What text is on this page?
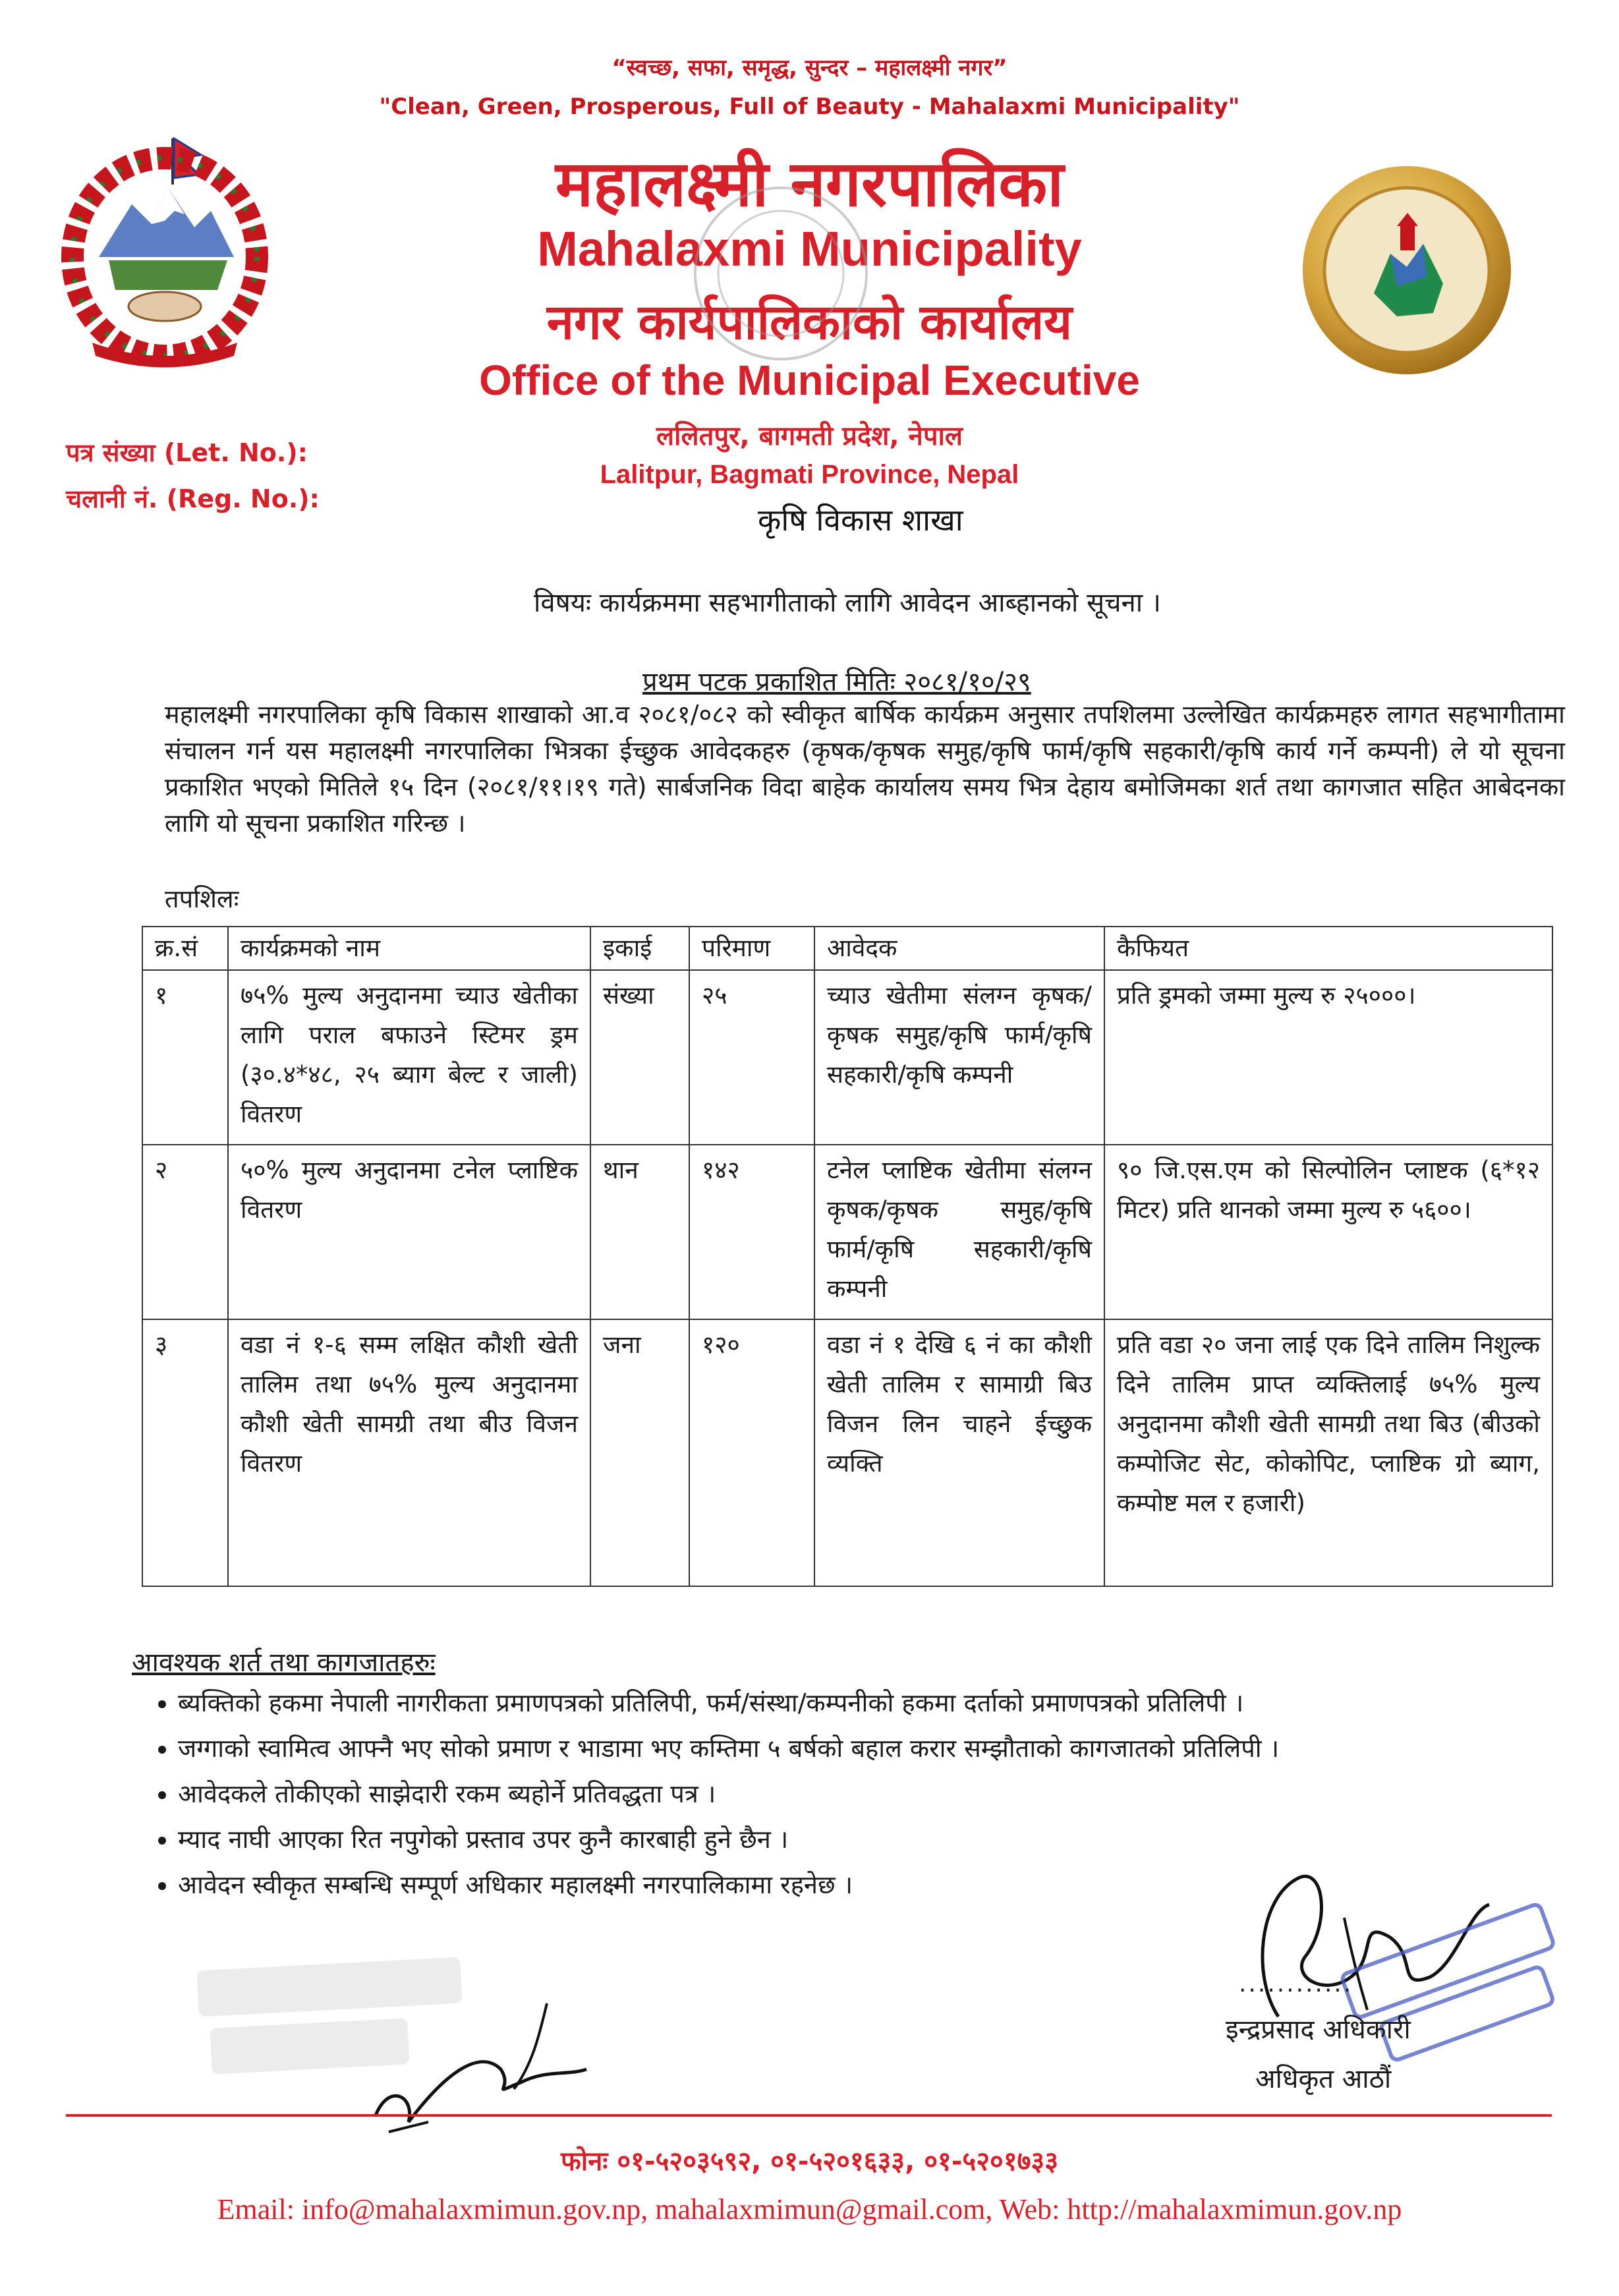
“स्वच्छ, सफा, समृद्ध, सुन्दर – महालक्ष्मी नगर”
"Clean, Green, Prosperous, Full of Beauty - Mahalaxmi Municipality"
महालक्ष्मी नगरपालिका
Mahalaxmi Municipality
नगर कार्यपालिकाको कार्यालय
Office of the Municipal Executive
ललितपुर, बागमती प्रदेश, नेपाल
Lalitpur, Bagmati Province, Nepal
कृषि विकास शाखा
पत्र संख्या (Let. No.):
चलानी नं. (Reg. No.):
विषयः कार्यक्रममा सहभागीताको लागि आवेदन आब्हानको सूचना ।
प्रथम पटक प्रकाशित मितिः २०८१/१०/२९
महालक्ष्मी नगरपालिका कृषि विकास शाखाको आ.व २०८१/०८२ को स्वीकृत बार्षिक कार्यक्रम अनुसार तपशिलमा उल्लेखित कार्यक्रमहरु लागत सहभागीतामा संचालन गर्न यस महालक्ष्मी नगरपालिका भित्रका ईच्छुक आवेदकहरु (कृषक/कृषक समुह/कृषि फार्म/कृषि सहकारी/कृषि कार्य गर्ने कम्पनी) ले यो सूचना प्रकाशित भएको मितिले १५ दिन (२०८१/११।१९ गते) सार्बजनिक विदा बाहेक कार्यालय समय भित्र देहाय बमोजिमका शर्त तथा कागजात सहित आबेदनका लागि यो सूचना प्रकाशित गरिन्छ ।
तपशिलः
क्र.सं	कार्यक्रमको नाम	इकाई	परिमाण	आवेदक	कैफियत
१	७५% मुल्य अनुदानमा च्याउ खेतीका लागि पराल बफाउने स्टिमर ड्रम (३०.४*४८, २५ ब्याग बेल्ट र जाली) वितरण	संख्या	२५	च्याउ खेतीमा संलग्न कृषक/कृषक समुह/कृषि फार्म/कृषि सहकारी/कृषि कम्पनी	प्रति ड्रमको जम्मा मुल्य रु २५०००।
२	५०% मुल्य अनुदानमा टनेल प्लाष्टिक वितरण	थान	१४२	टनेल प्लाष्टिक खेतीमा संलग्न कृषक/कृषक समुह/कृषि फार्म/कृषि सहकारी/कृषि कम्पनी	९० जि.एस.एम को सिल्पोलिन प्लाष्टक (६*१२ मिटर) प्रति थानको जम्मा मुल्य रु ५६००।
३	वडा नं १-६ सम्म लक्षित कौशी खेती तालिम तथा ७५% मुल्य अनुदानमा कौशी खेती सामग्री तथा बीउ विजन वितरण	जना	१२०	वडा नं १ देखि ६ नं का कौशी खेती तालिम र सामाग्री बिउ विजन लिन चाहने ईच्छुक व्यक्ति	प्रति वडा २० जना लाई एक दिने तालिम निशुल्क दिने तालिम प्राप्त व्यक्तिलाई ७५% मुल्य अनुदानमा कौशी खेती सामग्री तथा बिउ (बीउको कम्पोजिट सेट, कोकोपिट, प्लाष्टिक ग्रो ब्याग, कम्पोष्ट मल र हजारी)
आवश्यक शर्त तथा कागजातहरुः
• ब्यक्तिको हकमा नेपाली नागरीकता प्रमाणपत्रको प्रतिलिपी, फर्म/संस्था/कम्पनीको हकमा दर्ताको प्रमाणपत्रको प्रतिलिपी ।
• जग्गाको स्वामित्व आफ्नै भए सोको प्रमाण र भाडामा भए कम्तिमा ५ बर्षको बहाल करार सम्झौताको कागजातको प्रतिलिपी ।
• आवेदकले तोकीएको साझेदारी रकम ब्यहोर्ने प्रतिवद्धता पत्र ।
• म्याद नाघी आएका रित नपुगेको प्रस्ताव उपर कुनै कारबाही हुने छैन ।
• आवेदन स्वीकृत सम्बन्धि सम्पूर्ण अधिकार महालक्ष्मी नगरपालिकामा रहनेछ ।
............
इन्द्रप्रसाद अधिकारी
अधिकृत आठौं
फोनः ०१-५२०३५९२, ०१-५२०१६३३, ०१-५२०१७३३
Email: info@mahalaxmimun.gov.np, mahalaxmimun@gmail.com, Web: http://mahalaxmimun.gov.np
